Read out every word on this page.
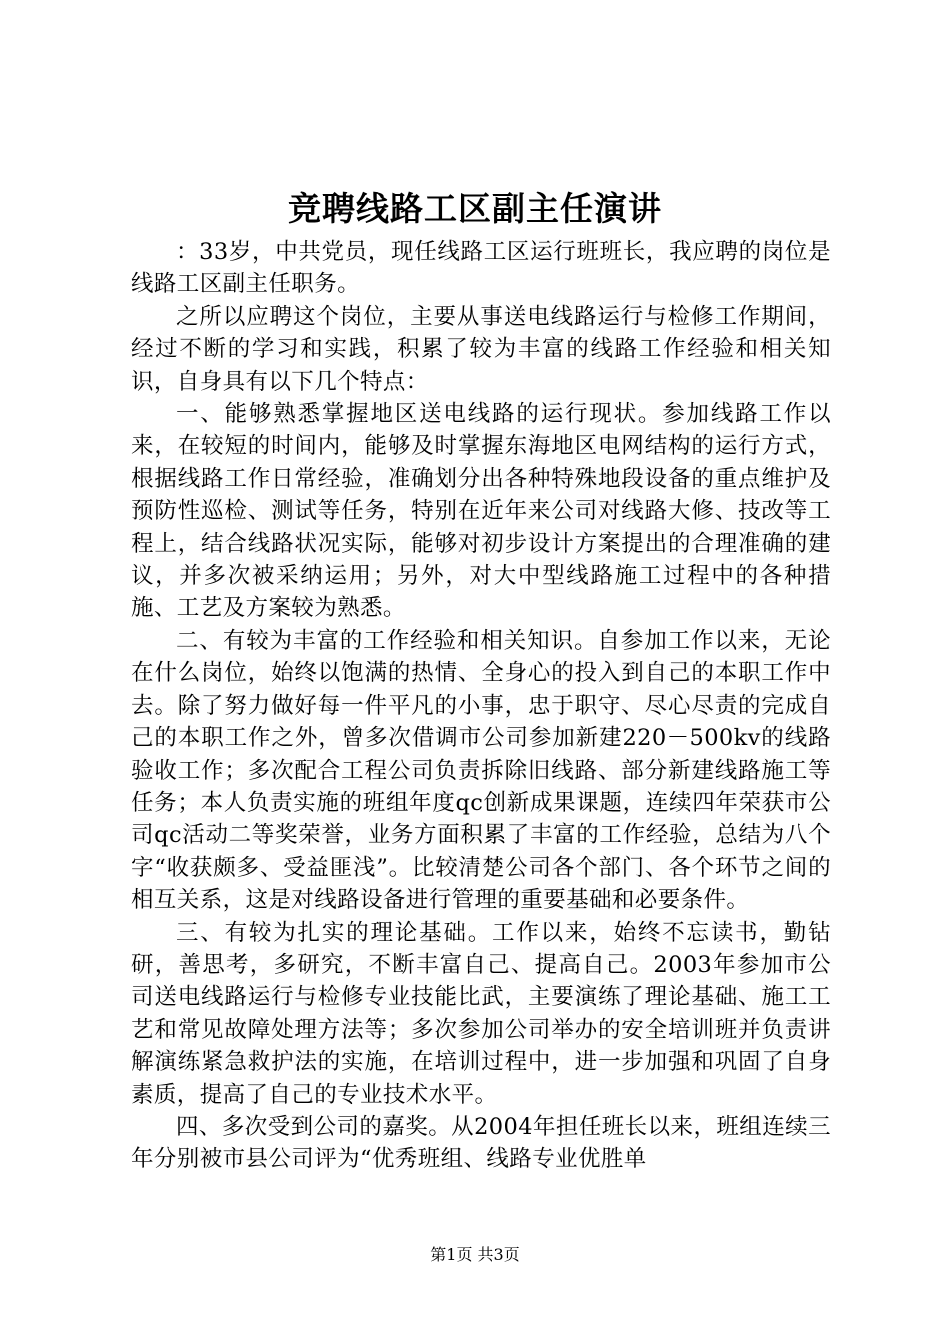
竞聘线路工区副主任演讲

：33岁，中共党员，现任线路工区运行班班长，我应聘的岗位是线路工区副主任职务。

之所以应聘这个岗位，主要从事送电线路运行与检修工作期间，经过不断的学习和实践，积累了较为丰富的线路工作经验和相关知识，自身具有以下几个特点：

一、能够熟悉掌握地区送电线路的运行现状。参加线路工作以来，在较短的时间内，能够及时掌握东海地区电网结构的运行方式，根据线路工作日常经验，准确划分出各种特殊地段设备的重点维护及预防性巡检、测试等任务，特别在近年来公司对线路大修、技改等工程上，结合线路状况实际，能够对初步设计方案提出的合理准确的建议，并多次被采纳运用；另外，对大中型线路施工过程中的各种措施、工艺及方案较为熟悉。

二、有较为丰富的工作经验和相关知识。自参加工作以来，无论在什么岗位，始终以饱满的热情、全身心的投入到自己的本职工作中去。除了努力做好每一件平凡的小事，忠于职守、尽心尽责的完成自己的本职工作之外，曾多次借调市公司参加新建220－500kv的线路验收工作；多次配合工程公司负责拆除旧线路、部分新建线路施工等任务；本人负责实施的班组年度qc创新成果课题，连续四年荣获市公司qc活动二等奖荣誉，业务方面积累了丰富的工作经验，总结为八个字“收获颇多、受益匪浅”。比较清楚公司各个部门、各个环节之间的相互关系，这是对线路设备进行管理的重要基础和必要条件。

三、有较为扎实的理论基础。工作以来，始终不忘读书，勤钻研，善思考，多研究，不断丰富自己、提高自己。2003年参加市公司送电线路运行与检修专业技能比武，主要演练了理论基础、施工工艺和常见故障处理方法等；多次参加公司举办的安全培训班并负责讲解演练紧急救护法的实施，在培训过程中，进一步加强和巩固了自身素质，提高了自己的专业技术水平。

四、多次受到公司的嘉奖。从2004年担任班长以来，班组连续三年分别被市县公司评为“优秀班组、线路专业优胜单

第1页 共3页
